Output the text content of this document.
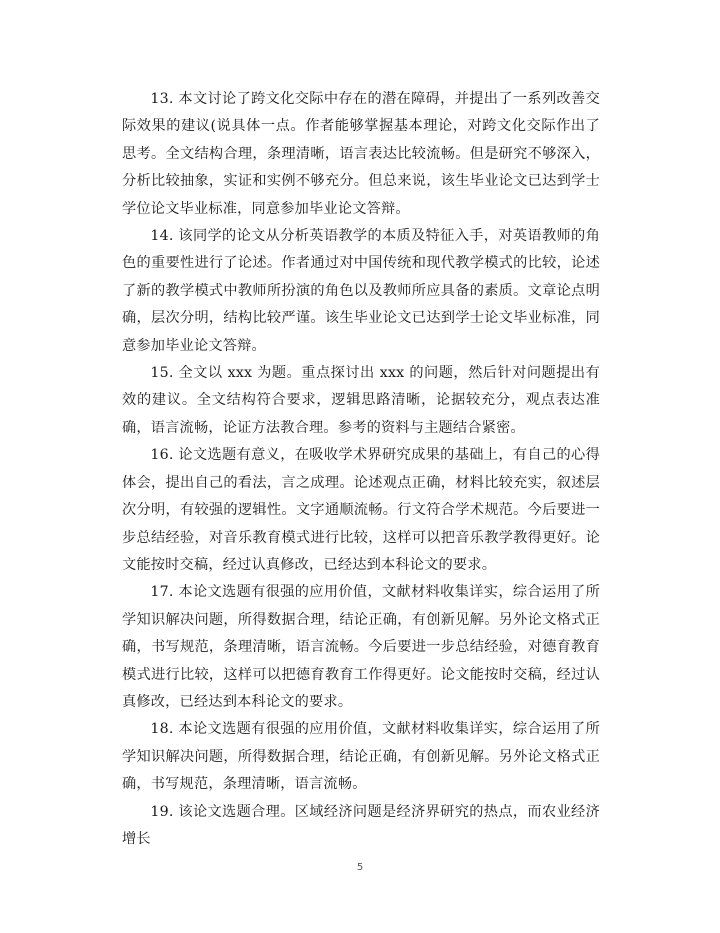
13. 本文讨论了跨文化交际中存在的潜在障碍，并提出了一系列改善交际效果的建议(说具体一点。作者能够掌握基本理论，对跨文化交际作出了思考。全文结构合理，条理清晰，语言表达比较流畅。但是研究不够深入，分析比较抽象，实证和实例不够充分。但总来说，该生毕业论文已达到学士学位论文毕业标准，同意参加毕业论文答辩。

14. 该同学的论文从分析英语教学的本质及特征入手，对英语教师的角色的重要性进行了论述。作者通过对中国传统和现代教学模式的比较，论述了新的教学模式中教师所扮演的角色以及教师所应具备的素质。文章论点明确，层次分明，结构比较严谨。该生毕业论文已达到学士论文毕业标准，同意参加毕业论文答辩。

15. 全文以 xxx 为题。重点探讨出 xxx 的问题，然后针对问题提出有效的建议。全文结构符合要求，逻辑思路清晰，论据较充分，观点表达准确，语言流畅，论证方法教合理。参考的资料与主题结合紧密。

16. 论文选题有意义，在吸收学术界研究成果的基础上，有自己的心得体会，提出自己的看法，言之成理。论述观点正确，材料比较充实，叙述层次分明，有较强的逻辑性。文字通顺流畅。行文符合学术规范。今后要进一步总结经验，对音乐教育模式进行比较，这样可以把音乐教学教得更好。论文能按时交稿，经过认真修改，已经达到本科论文的要求。

17. 本论文选题有很强的应用价值，文献材料收集详实，综合运用了所学知识解决问题，所得数据合理，结论正确，有创新见解。另外论文格式正确，书写规范，条理清晰，语言流畅。今后要进一步总结经验，对德育教育模式进行比较，这样可以把德育教育工作得更好。论文能按时交稿，经过认真修改，已经达到本科论文的要求。

18. 本论文选题有很强的应用价值，文献材料收集详实，综合运用了所学知识解决问题，所得数据合理，结论正确，有创新见解。另外论文格式正确，书写规范，条理清晰，语言流畅。

19. 该论文选题合理。区域经济问题是经济界研究的热点，而农业经济增长

5
